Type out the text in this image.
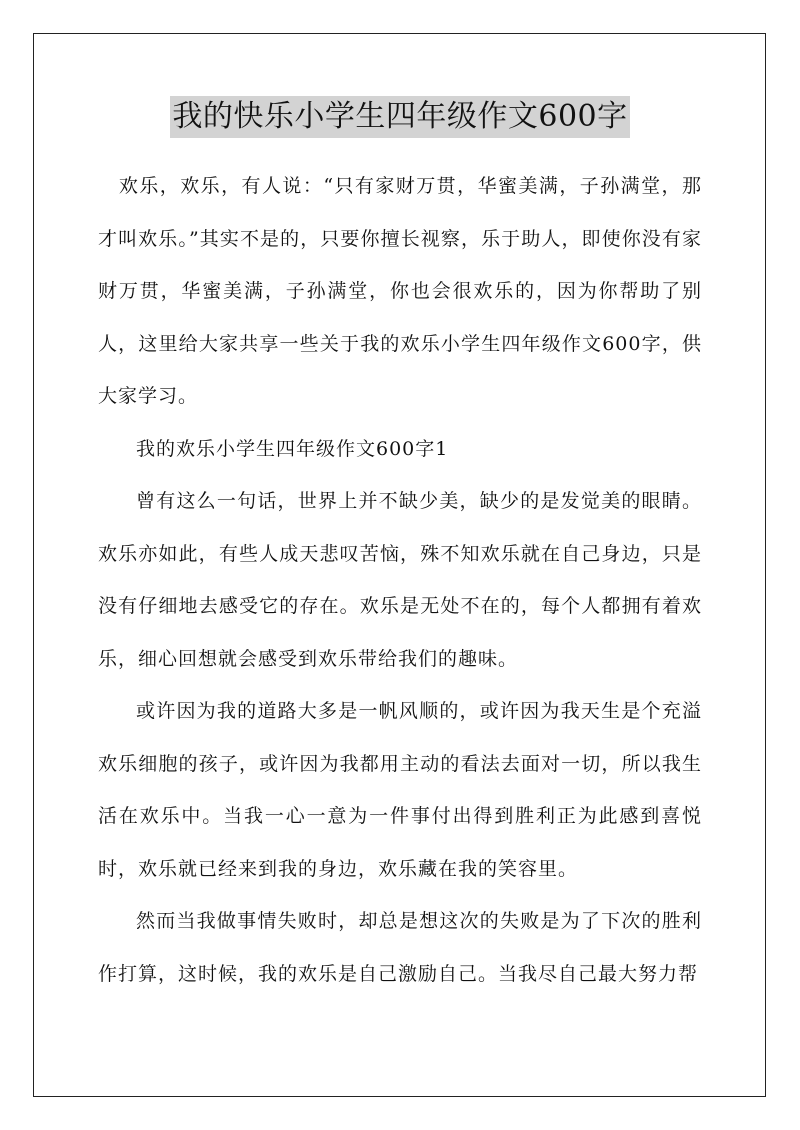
我的快乐小学生四年级作文600字

欢乐，欢乐，有人说：“只有家财万贯，华蜜美满，子孙满堂，那才叫欢乐。”其实不是的，只要你擅长视察，乐于助人，即使你没有家财万贯，华蜜美满，子孙满堂，你也会很欢乐的，因为你帮助了别人，这里给大家共享一些关于我的欢乐小学生四年级作文600字，供大家学习。

我的欢乐小学生四年级作文600字1

曾有这么一句话，世界上并不缺少美，缺少的是发觉美的眼睛。欢乐亦如此，有些人成天悲叹苦恼，殊不知欢乐就在自己身边，只是没有仔细地去感受它的存在。欢乐是无处不在的，每个人都拥有着欢乐，细心回想就会感受到欢乐带给我们的趣味。

或许因为我的道路大多是一帆风顺的，或许因为我天生是个充溢欢乐细胞的孩子，或许因为我都用主动的看法去面对一切，所以我生活在欢乐中。当我一心一意为一件事付出得到胜利正为此感到喜悦时，欢乐就已经来到我的身边，欢乐藏在我的笑容里。

然而当我做事情失败时，却总是想这次的失败是为了下次的胜利作打算，这时候，我的欢乐是自己激励自己。当我尽自己最大努力帮
